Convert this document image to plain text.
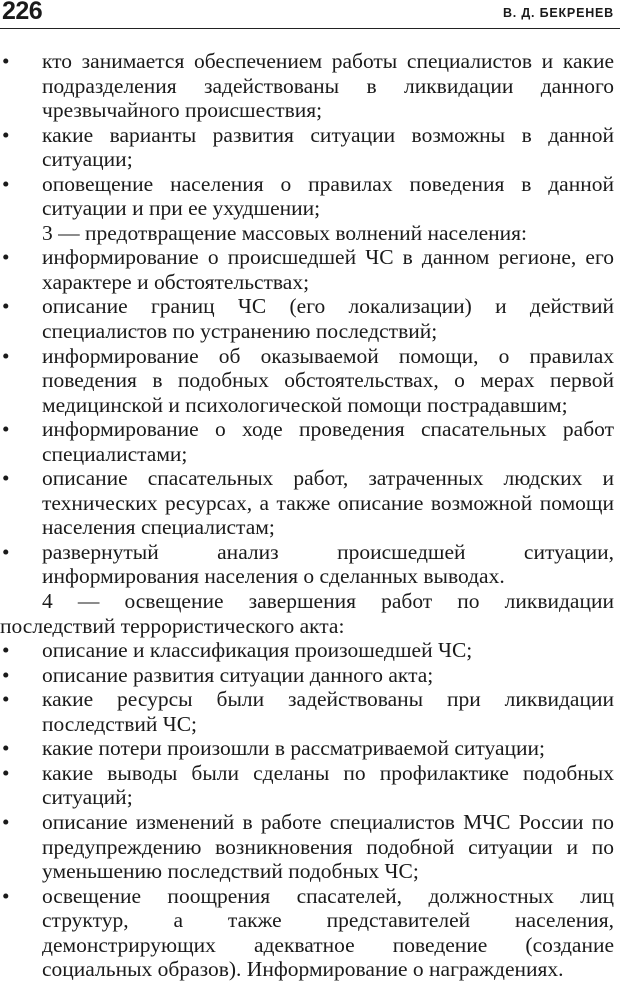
226	В. Д. БЕКРЕНЕВ
• кто занимается обеспечением работы специалистов и какие подразделения задействованы в ликвидации данного чрезвычайного происшествия;
• какие варианты развития ситуации возможны в данной ситуации;
• оповещение населения о правилах поведения в данной ситуации и при ее ухудшении;
3 — предотвращение массовых волнений населения:
• информирование о происшедшей ЧС в данном регионе, его характере и обстоятельствах;
• описание границ ЧС (его локализации) и действий специалистов по устранению последствий;
• информирование об оказываемой помощи, о правилах поведения в подобных обстоятельствах, о мерах первой медицинской и психологической помощи пострадавшим;
• информирование о ходе проведения спасательных работ специалистами;
• описание спасательных работ, затраченных людских и технических ресурсах, а также описание возможной помощи населения специалистам;
• развернутый анализ происшедшей ситуации, информирования населения о сделанных выводах.
4 — освещение завершения работ по ликвидации последствий террористического акта:
• описание и классификация произошедшей ЧС;
• описание развития ситуации данного акта;
• какие ресурсы были задействованы при ликвидации последствий ЧС;
• какие потери произошли в рассматриваемой ситуации;
• какие выводы были сделаны по профилактике подобных ситуаций;
• описание изменений в работе специалистов МЧС России по предупреждению возникновения подобной ситуации и по уменьшению последствий подобных ЧС;
• освещение поощрения спасателей, должностных лиц структур, а также представителей населения, демонстрирующих адекватное поведение (создание социальных образов). Информирование о награждениях.
